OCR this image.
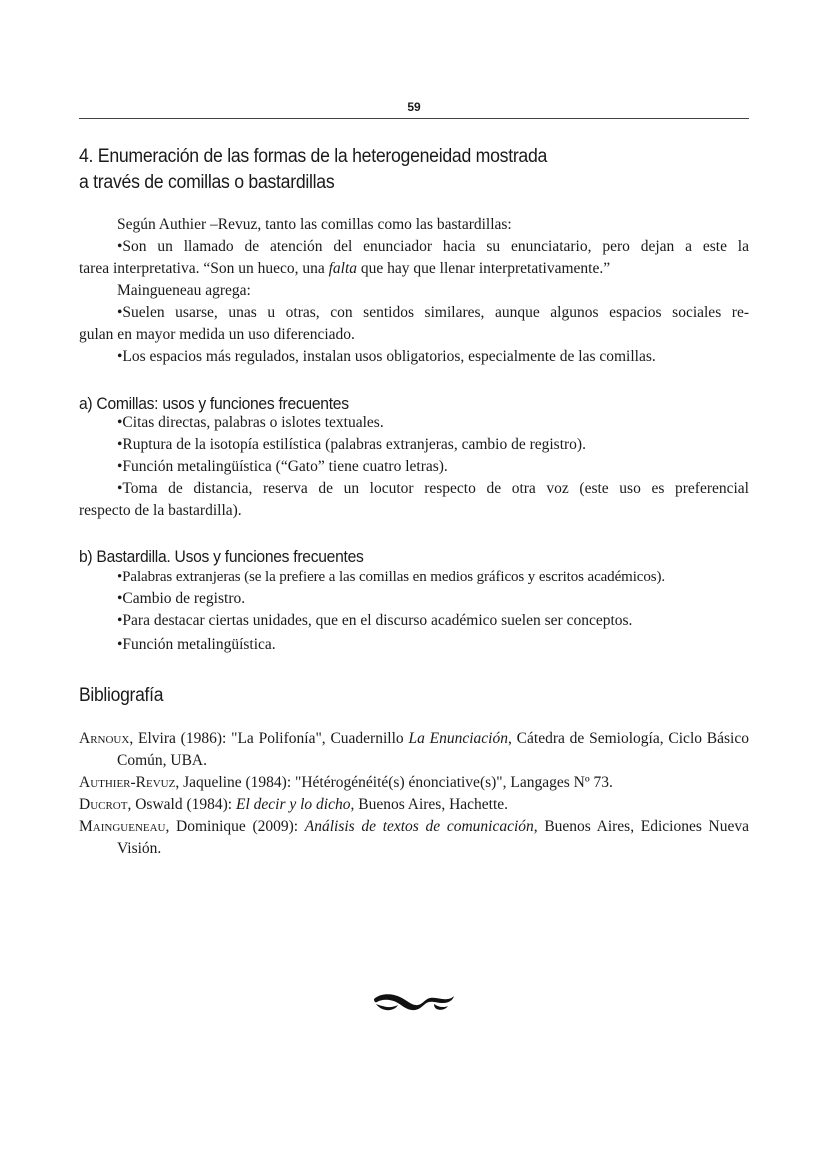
59
4. Enumeración de las formas de la heterogeneidad mostrada
a través de comillas o bastardillas

Según Authier –Revuz, tanto las comillas como las bastardillas:

•Son un llamado de atención del enunciador hacia su enunciatario, pero dejan a este la

tarea interpretativa. “Son un hueco, una falta que hay que llenar interpretativamente.”

Maingueneau agrega:

•Suelen usarse, unas u otras, con sentidos similares, aunque algunos espacios sociales re-

gulan en mayor medida un uso diferenciado.

•Los espacios más regulados, instalan usos obligatorios, especialmente de las comillas.

a) Comillas: usos y funciones frecuentes

•Citas directas, palabras o islotes textuales.

•Ruptura de la isotopía estilística (palabras extranjeras, cambio de registro).

•Función metalingüística (“Gato” tiene cuatro letras).

•Toma de distancia, reserva de un locutor respecto de otra voz (este uso es preferencial

respecto de la bastardilla).

b) Bastardilla. Usos y funciones frecuentes

•Palabras extranjeras (se la prefiere a las comillas en medios gráficos y escritos académicos).

•Cambio de registro.

•Para destacar ciertas unidades, que en el discurso académico suelen ser conceptos.

•Función metalingüística.

Bibliografía

Arnoux, Elvira (1986): "La Polifonía", Cuadernillo La Enunciación, Cátedra de Semiología, Ciclo Básico Común, UBA.

Authier-Revuz, Jaqueline (1984): "Hétérogénéité(s) énonciative(s)", Langages Nº 73.

Ducrot, Oswald (1984): El decir y lo dicho, Buenos Aires, Hachette.

Maingueneau, Dominique (2009): Análisis de textos de comunicación, Buenos Aires, Ediciones Nueva Visión.
